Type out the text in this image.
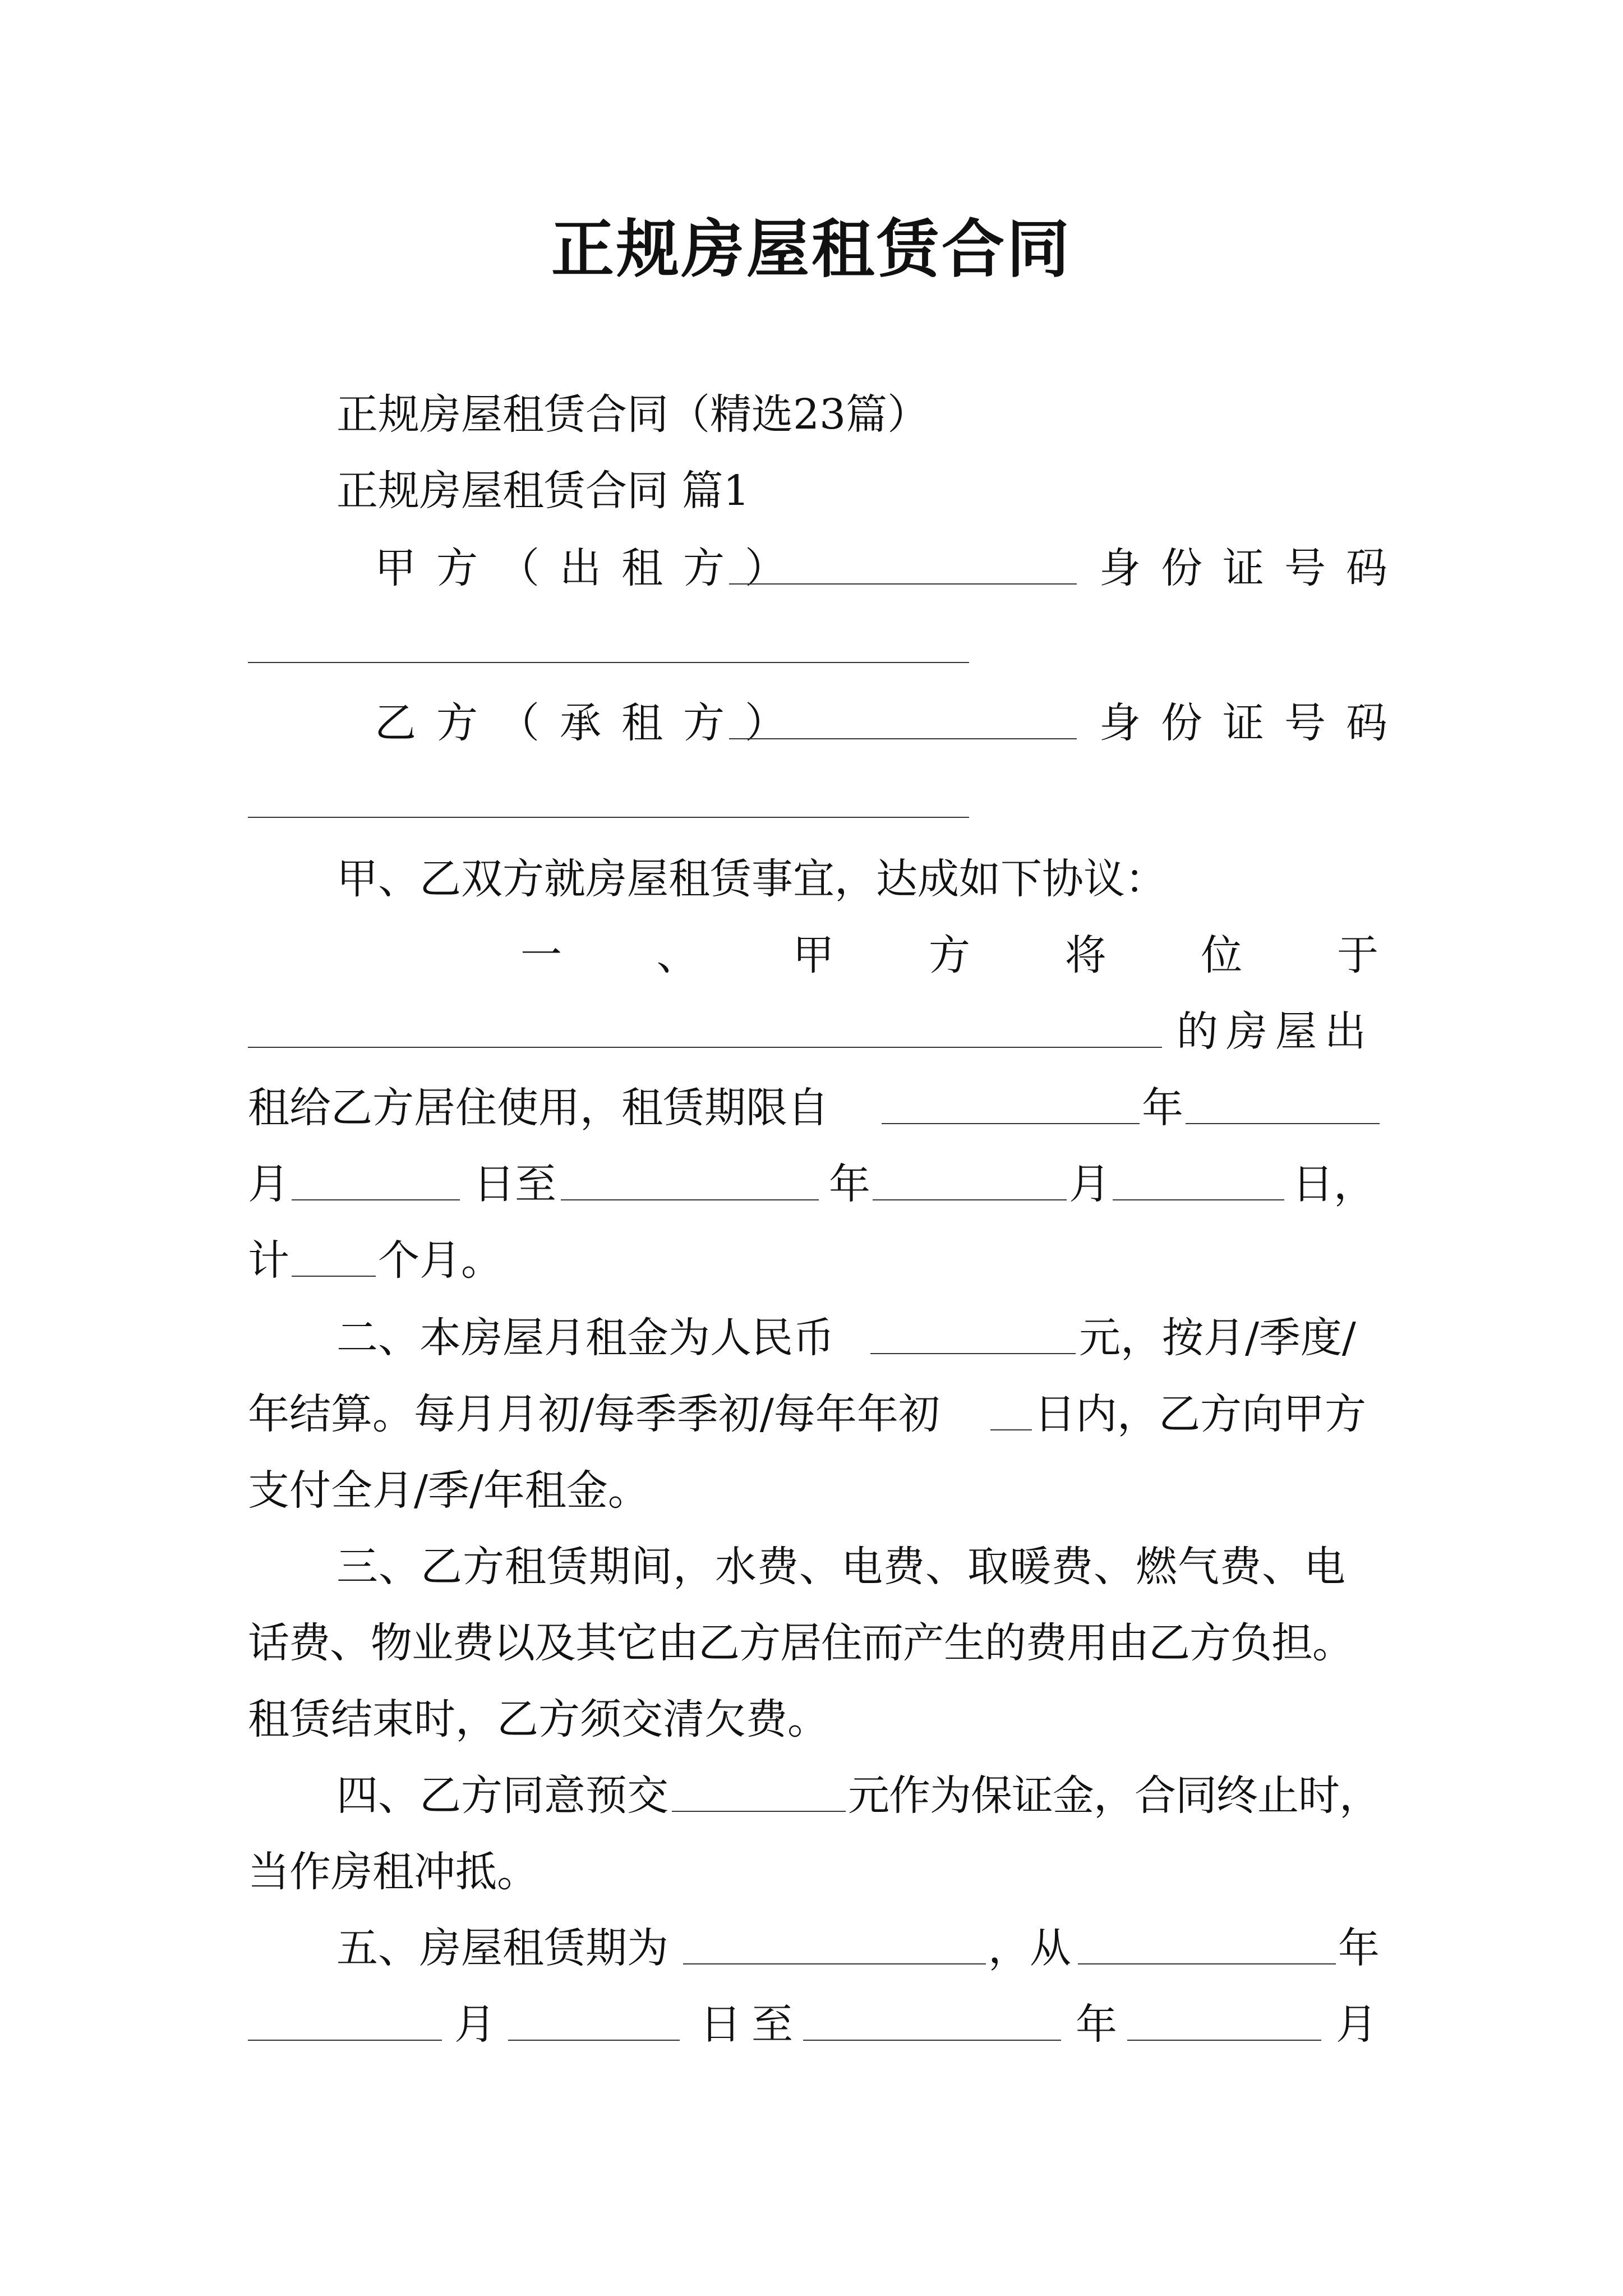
正规房屋租赁合同
正规房屋租赁合同（精选23篇）
正规房屋租赁合同 篇1
甲方（出租方）	身份证号码
乙方（承租方）	身份证号码
甲、乙双方就房屋租赁事宜，达成如下协议：
一 、 甲 方 将 位 于
的房屋出
租给乙方居住使用，租赁期限自	年
月	日至	年	月	日，
计 个月。
二、本房屋月租金为人民币	元，按月/季度/
年结算。每月月初/每季季初/每年年初 日内，乙方向甲方
支付全月/季/年租金。
三、乙方租赁期间，水费、电费、取暖费、燃气费、电
话费、物业费以及其它由乙方居住而产生的费用由乙方负担。
租赁结束时，乙方须交清欠费。
四、乙方同意预交	元作为保证金，合同终止时，
当作房租冲抵。
五、房屋租赁期为	，从	年
月	日至	年	月
